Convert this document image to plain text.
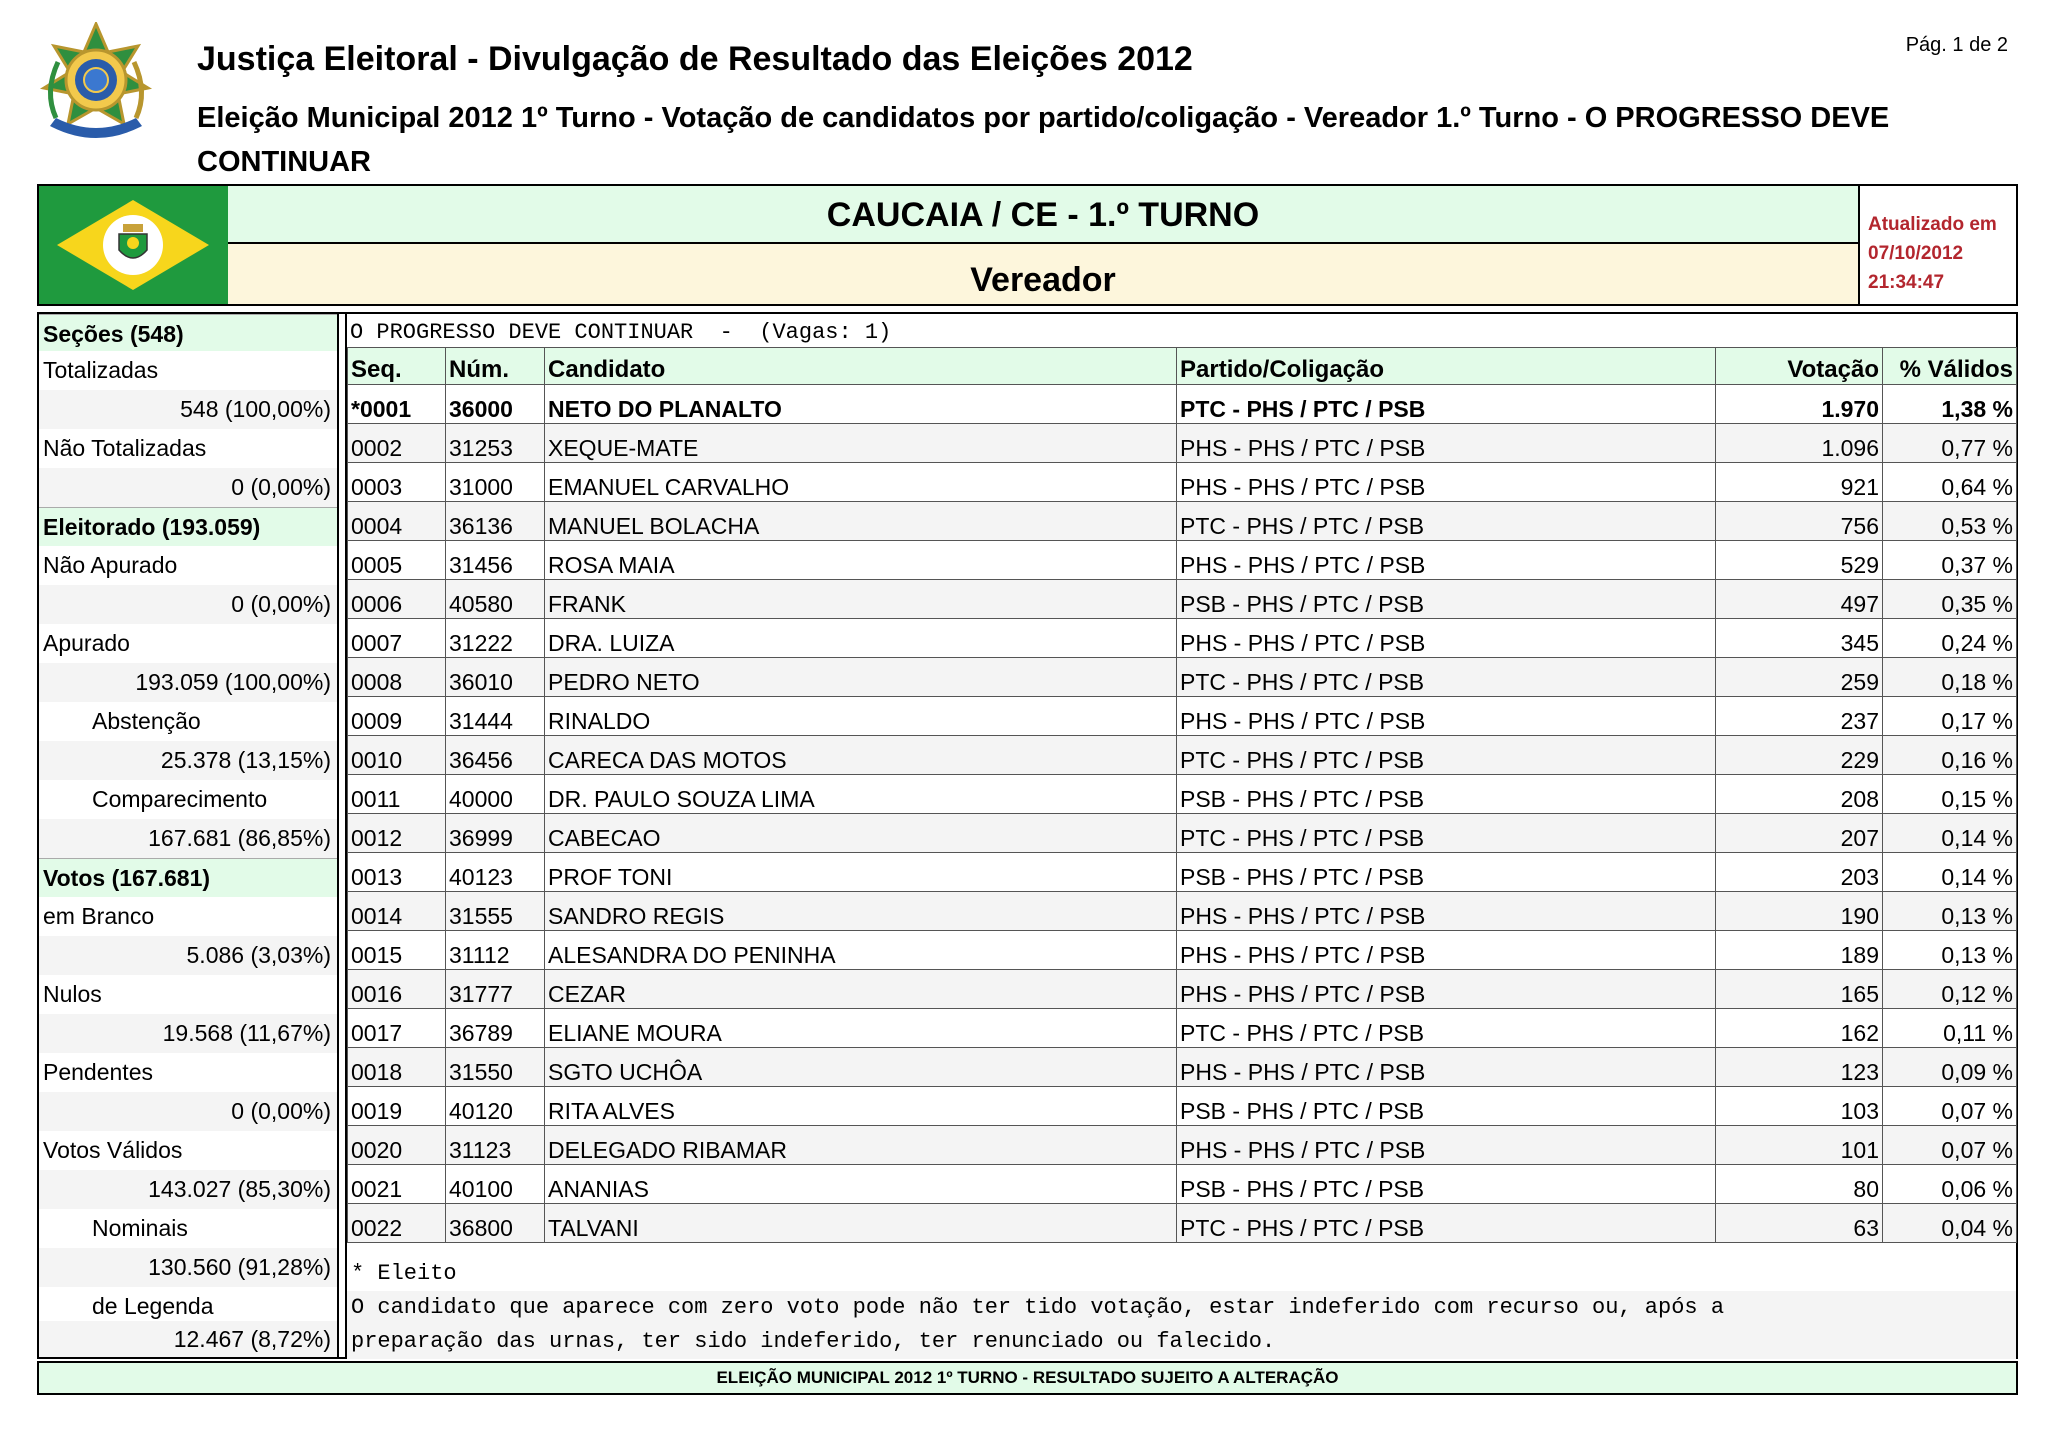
Justiça Eleitoral - Divulgação de Resultado das Eleições 2012
Eleição Municipal 2012 1º Turno - Votação de candidatos por partido/coligação - Vereador 1.º Turno - O PROGRESSO DEVE CONTINUAR
Pág. 1 de 2
CAUCAIA / CE - 1.º TURNO
Vereador
Atualizado em
07/10/2012
21:34:47
Seções (548)
Totalizadas
548 (100,00%)
Não Totalizadas
0 (0,00%)
Eleitorado (193.059)
Não Apurado
0 (0,00%)
Apurado
193.059 (100,00%)
Abstenção
25.378 (13,15%)
Comparecimento
167.681 (86,85%)
Votos (167.681)
em Branco
5.086 (3,03%)
Nulos
19.568 (11,67%)
Pendentes
0 (0,00%)
Votos Válidos
143.027 (85,30%)
Nominais
130.560 (91,28%)
de Legenda
12.467 (8,72%)
O PROGRESSO DEVE CONTINUAR  -  (Vagas: 1)
Seq.	Núm.	Candidato	Partido/Coligação	Votação	% Válidos
*0001	36000	NETO DO PLANALTO	PTC - PHS / PTC / PSB	1.970	1,38 %
0002	31253	XEQUE-MATE	PHS - PHS / PTC / PSB	1.096	0,77 %
0003	31000	EMANUEL CARVALHO	PHS - PHS / PTC / PSB	921	0,64 %
0004	36136	MANUEL BOLACHA	PTC - PHS / PTC / PSB	756	0,53 %
0005	31456	ROSA MAIA	PHS - PHS / PTC / PSB	529	0,37 %
0006	40580	FRANK	PSB - PHS / PTC / PSB	497	0,35 %
0007	31222	DRA. LUIZA	PHS - PHS / PTC / PSB	345	0,24 %
0008	36010	PEDRO NETO	PTC - PHS / PTC / PSB	259	0,18 %
0009	31444	RINALDO	PHS - PHS / PTC / PSB	237	0,17 %
0010	36456	CARECA DAS MOTOS	PTC - PHS / PTC / PSB	229	0,16 %
0011	40000	DR. PAULO SOUZA LIMA	PSB - PHS / PTC / PSB	208	0,15 %
0012	36999	CABECAO	PTC - PHS / PTC / PSB	207	0,14 %
0013	40123	PROF TONI	PSB - PHS / PTC / PSB	203	0,14 %
0014	31555	SANDRO REGIS	PHS - PHS / PTC / PSB	190	0,13 %
0015	31112	ALESANDRA DO PENINHA	PHS - PHS / PTC / PSB	189	0,13 %
0016	31777	CEZAR	PHS - PHS / PTC / PSB	165	0,12 %
0017	36789	ELIANE MOURA	PTC - PHS / PTC / PSB	162	0,11 %
0018	31550	SGTO UCHÔA	PHS - PHS / PTC / PSB	123	0,09 %
0019	40120	RITA ALVES	PSB - PHS / PTC / PSB	103	0,07 %
0020	31123	DELEGADO RIBAMAR	PHS - PHS / PTC / PSB	101	0,07 %
0021	40100	ANANIAS	PSB - PHS / PTC / PSB	80	0,06 %
0022	36800	TALVANI	PTC - PHS / PTC / PSB	63	0,04 %
* Eleito
O candidato que aparece com zero voto pode não ter tido votação, estar indeferido com recurso ou, após a
preparação das urnas, ter sido indeferido, ter renunciado ou falecido.
ELEIÇÃO MUNICIPAL 2012 1º TURNO - RESULTADO SUJEITO A ALTERAÇÃO
